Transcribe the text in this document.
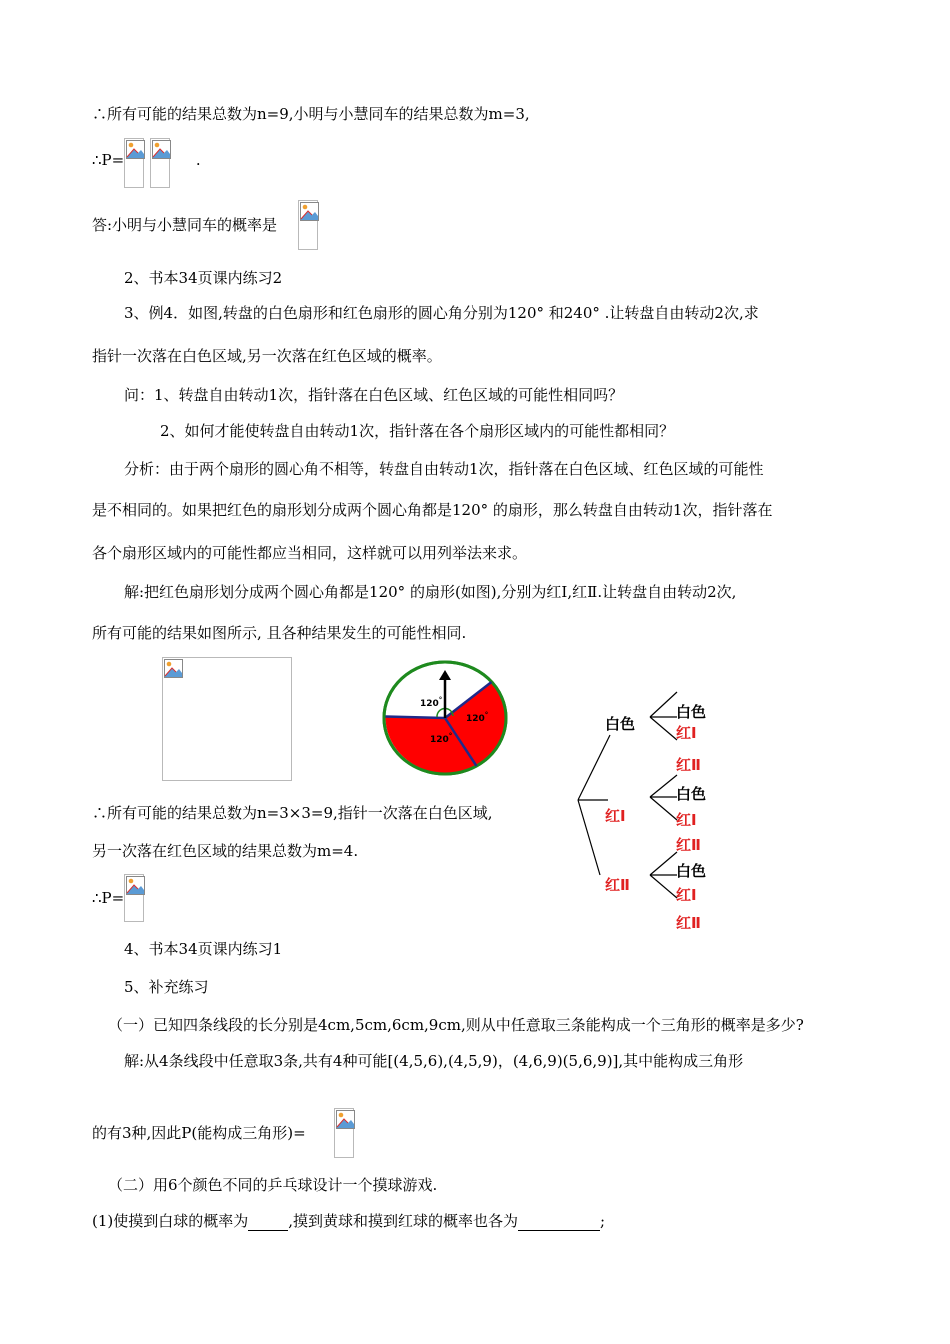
∴所有可能的结果总数为n=9,小明与小慧同车的结果总数为m=3,
∴P=	.
答:小明与小慧同车的概率是
2、书本34页课内练习2
3、例4．如图,转盘的白色扇形和红色扇形的圆心角分别为120° 和240° .让转盘自由转动2次,求
指针一次落在白色区域,另一次落在红色区域的概率。
问：1、转盘自由转动1次，指针落在白色区域、红色区域的可能性相同吗？
2、如何才能使转盘自由转动1次，指针落在各个扇形区域内的可能性都相同？
分析：由于两个扇形的圆心角不相等，转盘自由转动1次，指针落在白色区域、红色区域的可能性
是不相同的。如果把红色的扇形划分成两个圆心角都是120° 的扇形，那么转盘自由转动1次，指针落在
各个扇形区域内的可能性都应当相同，这样就可以用列举法来求。
解:把红色扇形划分成两个圆心角都是120° 的扇形(如图),分别为红Ⅰ,红Ⅱ.让转盘自由转动2次,
所有可能的结果如图所示, 且各种结果发生的可能性相同.
120°
120°
120°
白色
红Ⅰ
红Ⅱ
白色
红Ⅰ
红Ⅱ
白色
红Ⅰ
红Ⅱ
白色
红Ⅰ
红Ⅱ
∴所有可能的结果总数为n=3×3=9,指针一次落在白色区域,
另一次落在红色区域的结果总数为m=4.
∴P=
4、书本34页课内练习1
5、补充练习
（一）已知四条线段的长分别是4cm,5cm,6cm,9cm,则从中任意取三条能构成一个三角形的概率是多少?
解:从4条线段中任意取3条,共有4种可能[(4,5,6),(4,5,9)，(4,6,9)(5,6,9)],其中能构成三角形
的有3种,因此P(能构成三角形)=
（二）用6个颜色不同的乒乓球设计一个摸球游戏.
(1)使摸到白球的概率为	,摸到黄球和摸到红球的概率也各为	;
